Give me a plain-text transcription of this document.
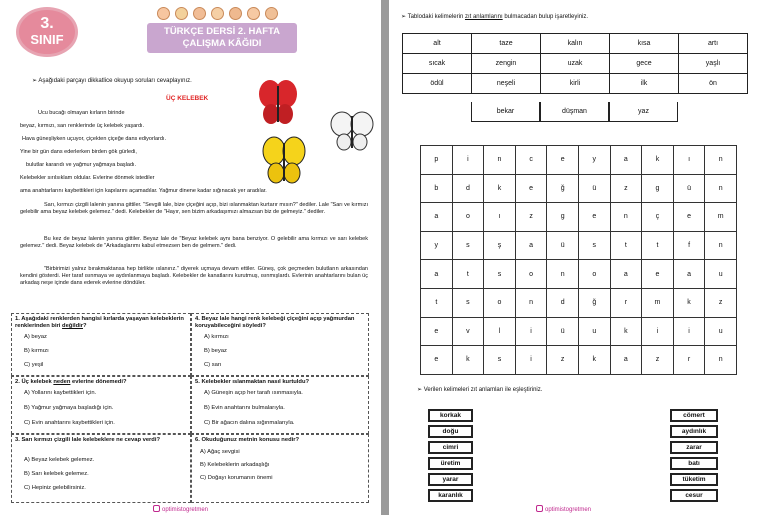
3.
SINIF
TÜRKÇE DERSİ 2. HAFTA
ÇALIŞMA KÂĞIDI
➢ Aşağıdaki parçayı dikkatlice okuyup soruları cevaplayınız.
ÜÇ KELEBEK
Ucu bucağı olmayan kırların birinde
beyaz, kırmızı, sarı renklerinde üç kelebek yaşardı.
Hava güneşliyken uçuyor, çiçekten çiçeğe dans ediyorlardı.
Yine bir gün dans ederlerken birden gök gürledi,
bulutlar kararıdı ve yağmur yağmaya başladı.
Kelebekler sırılsıklam oldular. Evlerine dönmek istediler
ama anahtarlarını kaybettikleri için kapılarını açamadılar. Yağmur dinene kadar sığınacak yer aradılar.
Sarı, kırmızı çizgili lalenin yanına gittiler. "Sevgili lale, bize çiçeğini açıp, bizi ıslanmaktan kurtarır mısın?" dediler. Lale "Sarı ve kırmızı gelebilir ama beyaz kelebek gelemez." dedi. Kelebekler de "Hayır, sen bizim arkadaşımızı almazsan biz de gelmeyiz." dediler.
Bu kez de beyaz lalenin yanına gittiler. Beyaz lale de "Beyaz kelebek aynı bana benziyor. O gelebilir ama kırmızı ve sarı kelebek gelemez." dedi. Beyaz kelebek de "Arkadaşlarımı kabul etmezsen ben de gelmem." dedi.
"Birbirimizi yalnız bırakmaktansa hep birlikte ıslanırız." diyerek uçmaya devam ettiler. Güneş, çok geçmeden bulutların arkasından kendini gösterdi. Her taraf ısınmaya ve aydınlanmaya başladı. Kelebekler de kanatlarını kurutmuş, ısınmışlardı. Evlerinin anahtarlarını bulan üç arkadaş neşe içinde dans ederek evlerine döndüler.
1. Aşağıdaki renklerden hangisi kırlarda yaşayan kelebeklerin renklerinden biri değildir?
A) beyaz
B) kırmızı
C) yeşil
4. Beyaz lale hangi renk kelebeği çiçeğini açıp yağmurdan koruyabileceğini söyledi?
A) kırmızı
B) beyaz
C) sarı
2. Üç kelebek neden evlerine dönemedi?
A) Yollarını kaybettikleri için.
B) Yağmur yağmaya başladığı için.
C) Evin anahtarını kaybettikleri için.
5. Kelebekler ıslanmaktan nasıl kurtuldu?
A) Güneşin açıp her tarafı ısınmasıyla.
B) Evin anahtarını bulmalarıyla.
C) Bir ağacın dalına sığınmalarıyla.
3. Sarı kırmızı çizgili lale kelebeklere ne cevap verdi?
A) Beyaz kelebek gelemez.
B) Sarı kelebek gelemez.
C) Hepiniz gelebilirsiniz.
6. Okuduğunuz metnin konusu nedir?
A) Ağaç sevgisi
B) Kelebeklerin arkadaşlığı
C) Doğayı korumanın önemi
optimistogretmen
➢ Tablodaki kelimelerin zıt anlamlarını bulmacadan bulup işaretleyiniz.
alt	taze	kalın	kısa	artı
sıcak	zengin	uzak	gece	yaşlı
ödül	neşeli	kirli	ilk	ön
bekar	düşman	yaz
p	i	n	c	e	y	a	k	ı	n
b	d	k	e	ğ	ü	z	g	ü	n
a	o	ı	z	g	e	n	ç	e	m
y	s	ş	a	ü	s	t	t	f	n
a	t	s	o	n	o	a	e	a	u
t	s	o	n	d	ğ	r	m	k	z
e	v	l	i	ü	u	k	i	i	u
e	k	s	i	z	k	a	z	r	n
➢ Verilen kelimeleri zıt anlamları ile eşleştiriniz.
korkak
doğu
cimri
üretim
yarar
karanlık
cömert
aydınlık
zarar
batı
tüketim
cesur
optimistogretmen
